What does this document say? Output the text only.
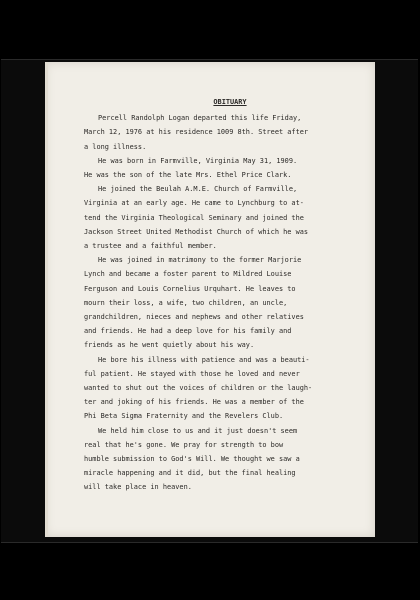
OBITUARY
Percell Randolph Logan departed this life Friday,
March 12, 1976 at his residence 1009 8th. Street after
a long illness.
He was born in Farmville, Virginia May 31, 1909.
He was the son of the late Mrs. Ethel Price Clark.
He joined the Beulah A.M.E. Church of Farmville,
Virginia at an early age. He came to Lynchburg to at-
tend the Virginia Theological Seminary and joined the
Jackson Street United Methodist Church of which he was
a trustee and a faithful member.
He was joined in matrimony to the former Marjorie
Lynch and became a foster parent to Mildred Louise
Ferguson and Louis Cornelius Urquhart. He leaves to
mourn their loss, a wife, two children, an uncle,
grandchildren, nieces and nephews and other relatives
and friends. He had a deep love for his family and
friends as he went quietly about his way.
He bore his illness with patience and was a beauti-
ful patient. He stayed with those he loved and never
wanted to shut out the voices of children or the laugh-
ter and joking of his friends. He was a member of the
Phi Beta Sigma Fraternity and the Revelers Club.
We held him close to us and it just doesn't seem
real that he's gone. We pray for strength to bow
humble submission to God's Will. We thought we saw a
miracle happening and it did, but the final healing
will take place in heaven.
